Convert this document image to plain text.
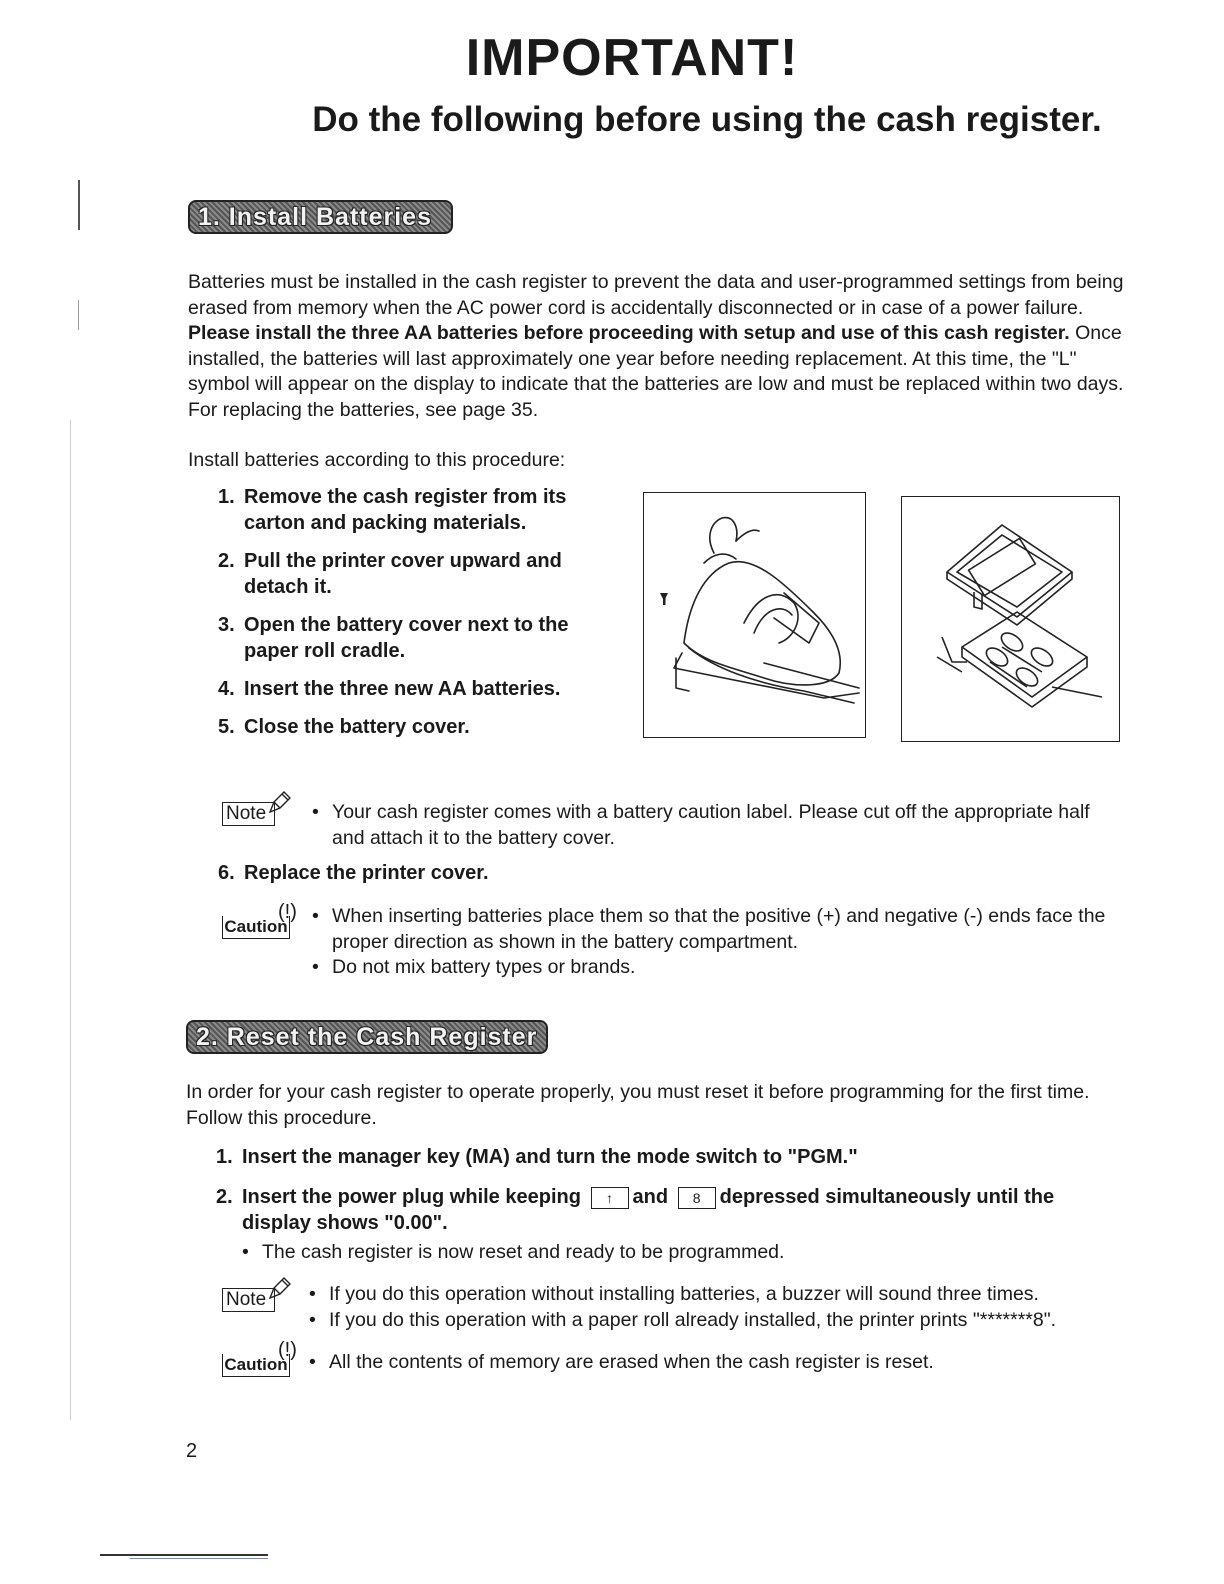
IMPORTANT!
Do the following before using the cash register.
1. Install Batteries
Batteries must be installed in the cash register to prevent the data and user-programmed settings from being erased from memory when the AC power cord is accidentally disconnected or in case of a power failure. Please install the three AA batteries before proceeding with setup and use of this cash register. Once installed, the batteries will last approximately one year before needing replacement. At this time, the "L" symbol will appear on the display to indicate that the batteries are low and must be replaced within two days. For replacing the batteries, see page 35.
Install batteries according to this procedure:
1. Remove the cash register from its carton and packing materials.
2. Pull the printer cover upward and detach it.
3. Open the battery cover next to the paper roll cradle.
4. Insert the three new AA batteries.
5. Close the battery cover.
Note	• Your cash register comes with a battery caution label. Please cut off the appropriate half and attach it to the battery cover.
6. Replace the printer cover.
Caution
(!) • When inserting batteries place them so that the positive (+) and negative (-) ends face the proper direction as shown in the battery compartment.
• Do not mix battery types or brands.
2. Reset the Cash Register
In order for your cash register to operate properly, you must reset it before programming for the first time. Follow this procedure.
1. Insert the manager key (MA) and turn the mode switch to "PGM."
2. Insert the power plug while keeping ↑ and 8 depressed simultaneously until the display shows "0.00".
• The cash register is now reset and ready to be programmed.
Note	• If you do this operation without installing batteries, a buzzer will sound three times.
• If you do this operation with a paper roll already installed, the printer prints "*******8".
Caution
(!)
• All the contents of memory are erased when the cash register is reset.
2
